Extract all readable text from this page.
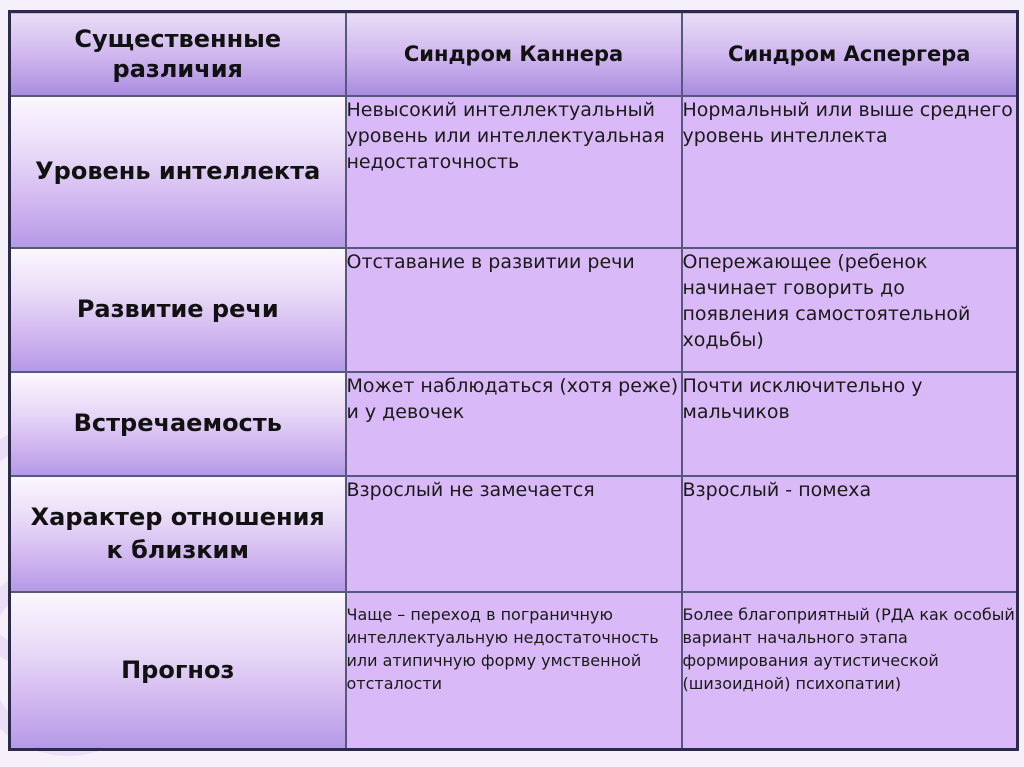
Существенные различия	Синдром Каннера	Синдром Аспергера

Уровень интеллекта	Невысокий интеллектуальный уровень или интеллектуальная недостаточность	Нормальный или выше среднего уровень интеллекта

Развитие речи	Отставание в развитии речи	Опережающее (ребенок начинает говорить до появления самостоятельной ходьбы)

Встречаемость	Может наблюдаться (хотя реже) и у девочек	Почти исключительно у мальчиков

Характер отношения к близким	Взрослый не замечается	Взрослый - помеха

Прогноз	Чаще – переход в пограничную интеллектуальную недостаточность или атипичную форму умственной отсталости	Более благоприятный (РДА как особый вариант начального этапа формирования аутистической (шизоидной) психопатии)
